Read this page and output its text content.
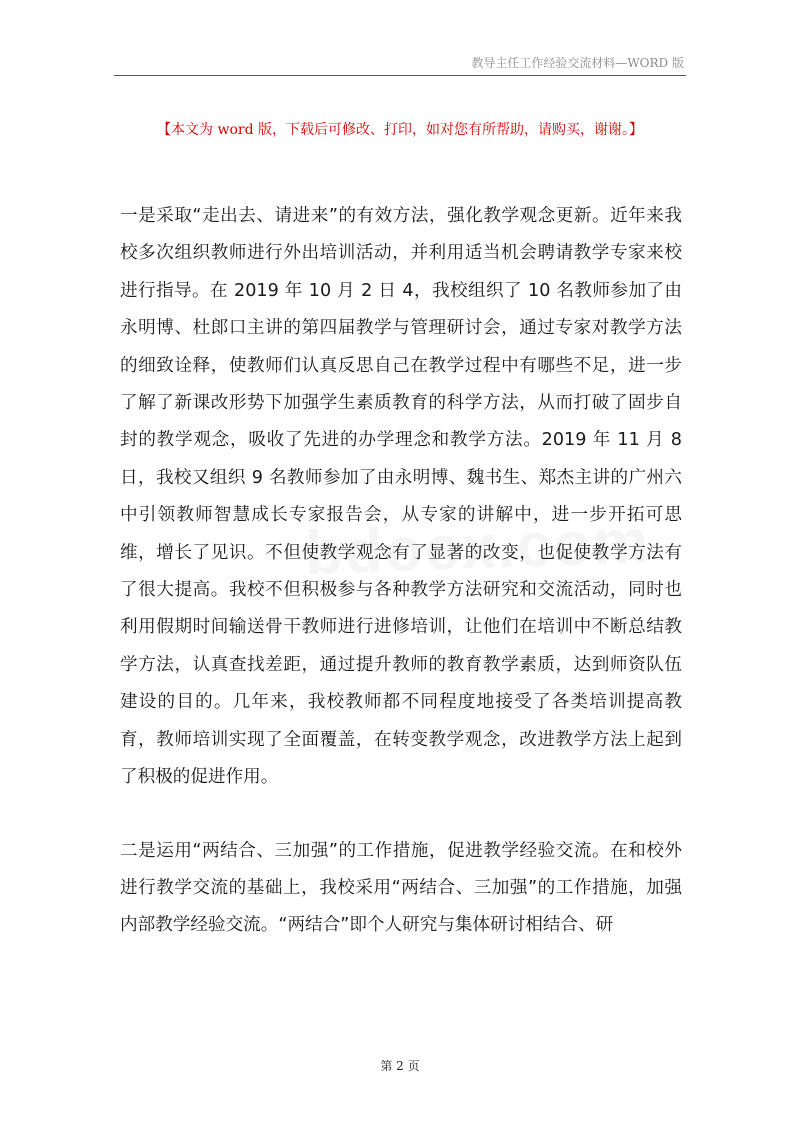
教导主任工作经验交流材料—WORD 版
【本文为 word 版，下载后可修改、打印，如对您有所帮助，请购买，谢谢。】

一是采取“走出去、请进来”的有效方法，强化教学观念更新。近年来我校多次组织教师进行外出培训活动，并利用适当机会聘请教学专家来校进行指导。在 2019 年 10 月 2 日 4，我校组织了 10 名教师参加了由永明博、杜郎口主讲的第四届教学与管理研讨会，通过专家对教学方法的细致诠释，使教师们认真反思自己在教学过程中有哪些不足，进一步了解了新课改形势下加强学生素质教育的科学方法，从而打破了固步自封的教学观念，吸收了先进的办学理念和教学方法。2019 年 11 月 8 日，我校又组织 9 名教师参加了由永明博、魏书生、郑杰主讲的广州六中引领教师智慧成长专家报告会，从专家的讲解中，进一步开拓可思维，增长了见识。不但使教学观念有了显著的改变，也促使教学方法有了很大提高。我校不但积极参与各种教学方法研究和交流活动，同时也利用假期时间输送骨干教师进行进修培训，让他们在培训中不断总结教学方法，认真查找差距，通过提升教师的教育教学素质，达到师资队伍建设的目的。几年来，我校教师都不同程度地接受了各类培训提高教育，教师培训实现了全面覆盖，在转变教学观念，改进教学方法上起到了积极的促进作用。

二是运用“两结合、三加强”的工作措施，促进教学经验交流。在和校外进行教学交流的基础上，我校采用“两结合、三加强”的工作措施，加强内部教学经验交流。“两结合”即个人研究与集体研讨相结合、研

第 2 页
